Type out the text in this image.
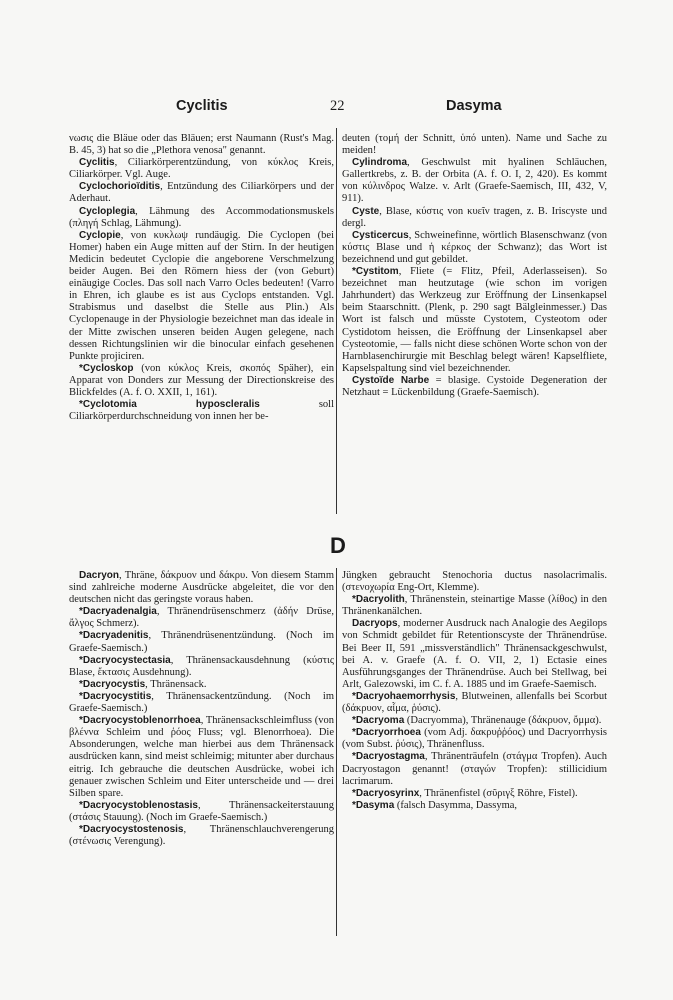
Cyclitis	22	Dasyma

νωσις die Bläue oder das Bläuen; erst Naumann (Rust's Mag. B. 45, 3) hat so die „Plethora venosa" genannt.

Cyclitis, Ciliarkörperentzündung, von κύκλος Kreis, Ciliarkörper. Vgl. Auge.

Cyclochorioïditis, Entzündung des Ciliarkörpers und der Aderhaut.

Cycloplegia, Lähmung des Accommodationsmuskels (πληγή Schlag, Lähmung).

Cyclopie, von κυκλωψ rundäugig. Die Cyclopen (bei Homer) haben ein Auge mitten auf der Stirn. In der heutigen Medicin bedeutet Cyclopie die angeborene Verschmelzung beider Augen. Bei den Römern hiess der (von Geburt) einäugige Cocles. Das soll nach Varro Ocles bedeuten! (Varro in Ehren, ich glaube es ist aus Cyclops entstanden. Vgl. Strabismus und daselbst die Stelle aus Plin.) Als Cyclopenauge in der Physiologie bezeichnet man das ideale in der Mitte zwischen unseren beiden Augen gelegene, nach dessen Richtungslinien wir die binocular einfach gesehenen Punkte projiciren.

*Cycloskop (von κύκλος Kreis, σκοπός Späher), ein Apparat von Donders zur Messung der Directionskreise des Blickfeldes (A. f. O. XXII, 1, 161).

*Cyclotomia hyposcleralis soll Ciliarkörperdurchschneidung von innen her be-

deuten (τομή der Schnitt, ὑπό unten). Name und Sache zu meiden!

Cylindroma, Geschwulst mit hyalinen Schläuchen, Gallertkrebs, z. B. der Orbita (A. f. O. I, 2, 420). Es kommt von κύλινδρος Walze. v. Arlt (Graefe-Saemisch, III, 432, V, 911).

Cyste, Blase, κύστις von κυεῖν tragen, z. B. Iriscyste und dergl.

Cysticercus, Schweinefinne, wörtlich Blasenschwanz (von κύστις Blase und ἡ κέρκος der Schwanz); das Wort ist bezeichnend und gut gebildet.

*Cystitom, Fliete (= Flitz, Pfeil, Aderlasseisen). So bezeichnet man heutzutage (wie schon im vorigen Jahrhundert) das Werkzeug zur Eröffnung der Linsenkapsel beim Staarschnitt. (Plenk, p. 290 sagt Bälgleinmesser.) Das Wort ist falsch und müsste Cystotem, Cysteotom oder Cystidotom heissen, die Eröffnung der Linsenkapsel aber Cysteotomie, — falls nicht diese schönen Worte schon von der Harnblasenchirurgie mit Beschlag belegt wären! Kapselfliete, Kapselspaltung sind viel bezeichnender.

Cystoïde Narbe = blasige. Cystoide Degeneration der Netzhaut = Lückenbildung (Graefe-Saemisch).

D

Dacryon, Thräne, δάκρυον und δάκρυ. Von diesem Stamm sind zahlreiche moderne Ausdrücke abgeleitet, die vor den deutschen nicht das geringste voraus haben.

*Dacryadenalgia, Thränendrüsenschmerz (ἀδήν Drüse, ἄλγος Schmerz).

*Dacryadenitis, Thränendrüsenentzündung. (Noch im Graefe-Saemisch.)

*Dacryocystectasia, Thränensackausdehnung (κύστις Blase, ἔκτασις Ausdehnung).

*Dacryocystis, Thränensack.

*Dacryocystitis, Thränensackentzündung. (Noch im Graefe-Saemisch.)

*Dacryocystoblenorrhoea, Thränensackschleimfluss (von βλέννα Schleim und ῥόος Fluss; vgl. Blenorrhoea). Die Absonderungen, welche man hierbei aus dem Thränensack ausdrücken kann, sind meist schleimig; mitunter aber durchaus eitrig. Ich gebrauche die deutschen Ausdrücke, wobei ich genauer zwischen Schleim und Eiter unterscheide und — drei Silben spare.

*Dacryocystoblenostasis, Thränensackeiterstauung (στάσις Stauung). (Noch im Graefe-Saemisch.)

*Dacryocystostenosis, Thränenschlauchverengerung (στένωσις Verengung).

Jüngken gebraucht Stenochoria ductus nasolacrimalis. (στενοχωρία Eng-Ort, Klemme).

*Dacryolith, Thränenstein, steinartige Masse (λίθος) in den Thränenkanälchen.

Dacryops, moderner Ausdruck nach Analogie des Aegilops von Schmidt gebildet für Retentionscyste der Thränendrüse. Bei Beer II, 591 „missverständlich" Thränensackgeschwulst, bei A. v. Graefe (A. f. O. VII, 2, 1) Ectasie eines Ausführungsganges der Thränendrüse. Auch bei Stellwag, bei Arlt, Galezowski, im C. f. A. 1885 und im Graefe-Saemisch.

*Dacryohaemorrhysis, Blutweinen, allenfalls bei Scorbut (δάκρυον, αἷμα, ῥύσις).

*Dacryoma (Dacryomma), Thränenauge (δάκρυον, ὄμμα).

*Dacryorrhoea (vom Adj. δακρυῤῥόος) und Dacryorrhysis (vom Subst. ῥύσις), Thränenfluss.

*Dacryostagma, Thränenträufeln (στάγμα Tropfen). Auch Dacryostagon genannt! (σταγών Tropfen): stillicidium lacrimarum.

*Dacryosyrinx, Thränenfistel (σῦριγξ Röhre, Fistel).

*Dasyma (falsch Dasymma, Dassyma,
